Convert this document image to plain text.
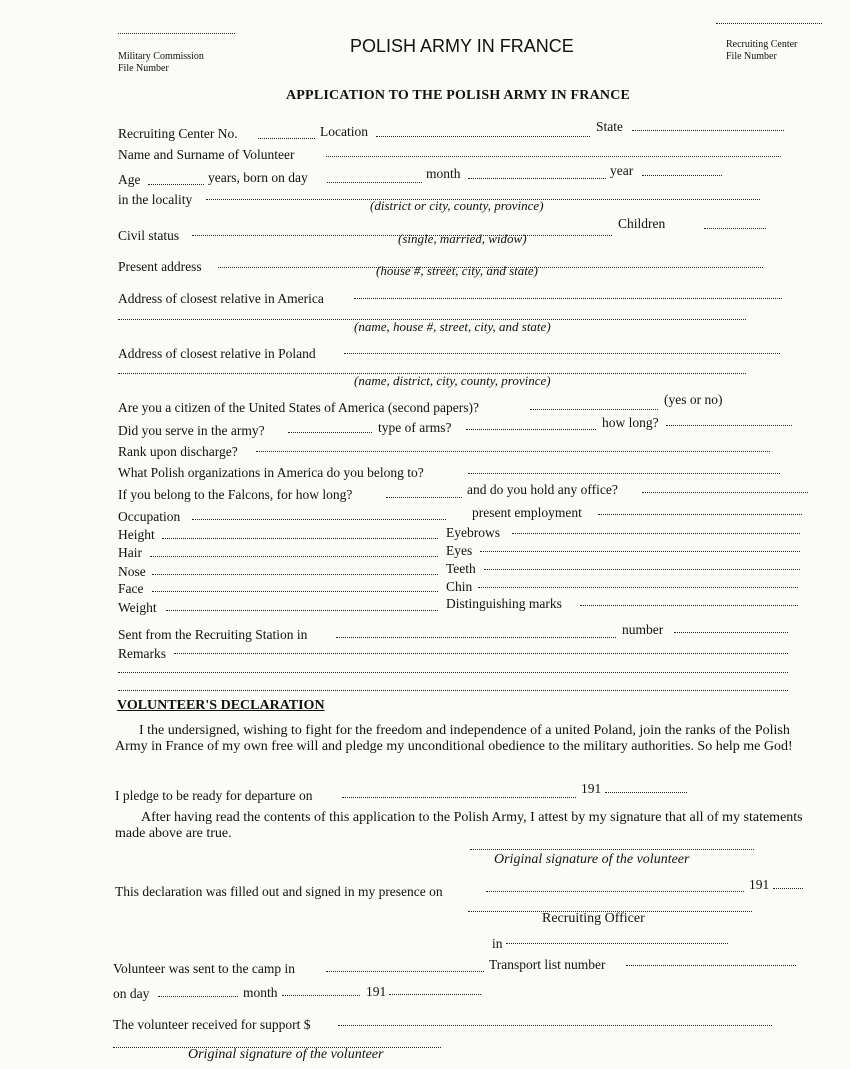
Military Commission
File Number
POLISH ARMY IN FRANCE	Recruiting Center
File Number
APPLICATION TO THE POLISH ARMY IN FRANCE
Recruiting Center No.	Location	State
Name and Surname of Volunteer
Age	years, born on day	month	year
in the locality	(district or city, county, province)
Civil status
Children
(single, married, widow)
Present address	(house #, street, city, and state)
Address of closest relative in America
(name, house #, street, city, and state)
Address of closest relative in Poland
(name, district, city, county, province)
Are you a citizen of the United States of America (second papers)?
(yes or no)
Did you serve in the army?	type of arms?	how long?
Rank upon discharge?
What Polish organizations in America do you belong to?
If you belong to the Falcons, for how long?	and do you hold any office?
Occupation	present employment
Height	Eyebrows
Hair	Eyes
Nose	Teeth
Face	Chin
Weight	Distinguishing marks
Sent from the Recruiting Station in	number
Remarks
VOLUNTEER'S DECLARATION
I the undersigned, wishing to fight for the freedom and independence of a united Poland, join the ranks of the Polish Army in France of my own free will and pledge my unconditional obedience to the military authorities. So help me God!
I pledge to be ready for departure on	191
After having read the contents of this application to the Polish Army, I attest by my signature that all of my statements made above are true.
Original signature of the volunteer
This declaration was filled out and signed in my presence on	191
Recruiting Officer
in
Volunteer was sent to the camp in	Transport list number
on day	month	191
The volunteer received for support $
Original signature of the volunteer
